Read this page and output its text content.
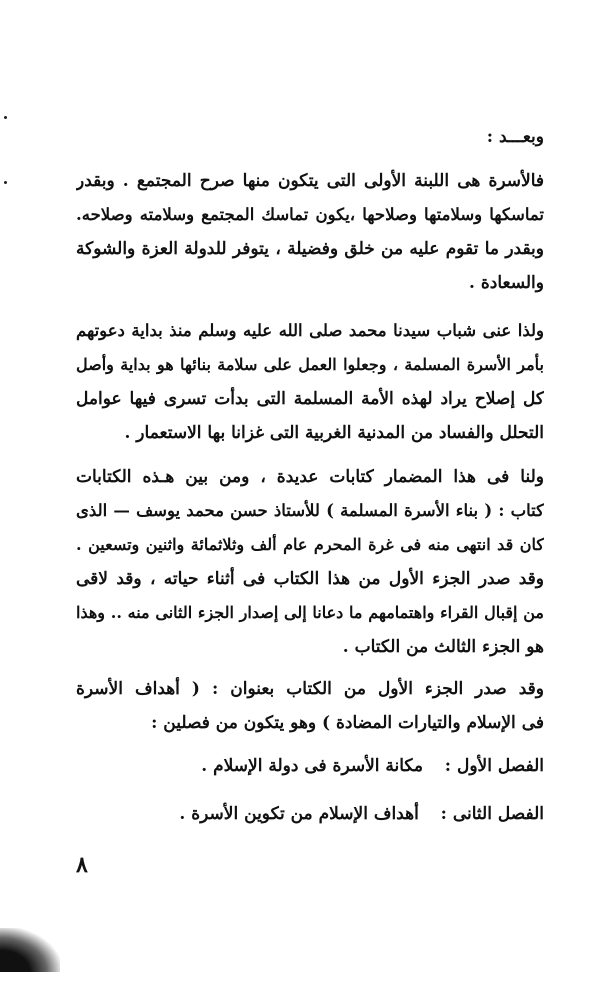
وبعـــد :
فالأسرة هى اللبنة الأولى التى يتكون منها صرح المجتمع . وبقدر
تماسكها وسلامتها وصلاحها ،يكون تماسك المجتمع وسلامته وصلاحه.
وبقدر ما تقوم عليه من خلق وفضيلة ، يتوفر للدولة العزة والشوكة
والسعادة .
ولذا عنى شباب سيدنا محمد صلى الله عليه وسلم منذ بداية دعوتهم
بأمر الأسرة المسلمة ، وجعلوا العمل على سلامة بنائها هو بداية وأصل
كل إصلاح يراد لهذه الأمة المسلمة التى بدأت تسرى فيها عوامل
التحلل والفساد من المدنية الغربية التى غزانا بها الاستعمار .
ولنا فى هذا المضمار كتابات عديدة ، ومن بين هـذه الكتابات
كتاب : ( بناء الأسرة المسلمة ) للأستاذ حسن محمد يوسف — الذى
كان قد انتهى منه فى غرة المحرم عام ألف وثلاثمائة واثنين وتسعين .
وقد صدر الجزء الأول من هذا الكتاب فى أثناء حياته ، وقد لاقى
من إقبال القراء واهتمامهم ما دعانا إلى إصدار الجزء الثانى منه .. وهذا
هو الجزء الثالث من الكتاب .
وقد صدر الجزء الأول من الكتاب بعنوان : ( أهداف الأسرة
فى الإسلام والتيارات المضادة ) وهو يتكون من فصلين :
الفصل الأول :  مكانة الأسرة فى دولة الإسلام .
الفصل الثانى :  أهداف الإسلام من تكوين الأسرة .
٨
